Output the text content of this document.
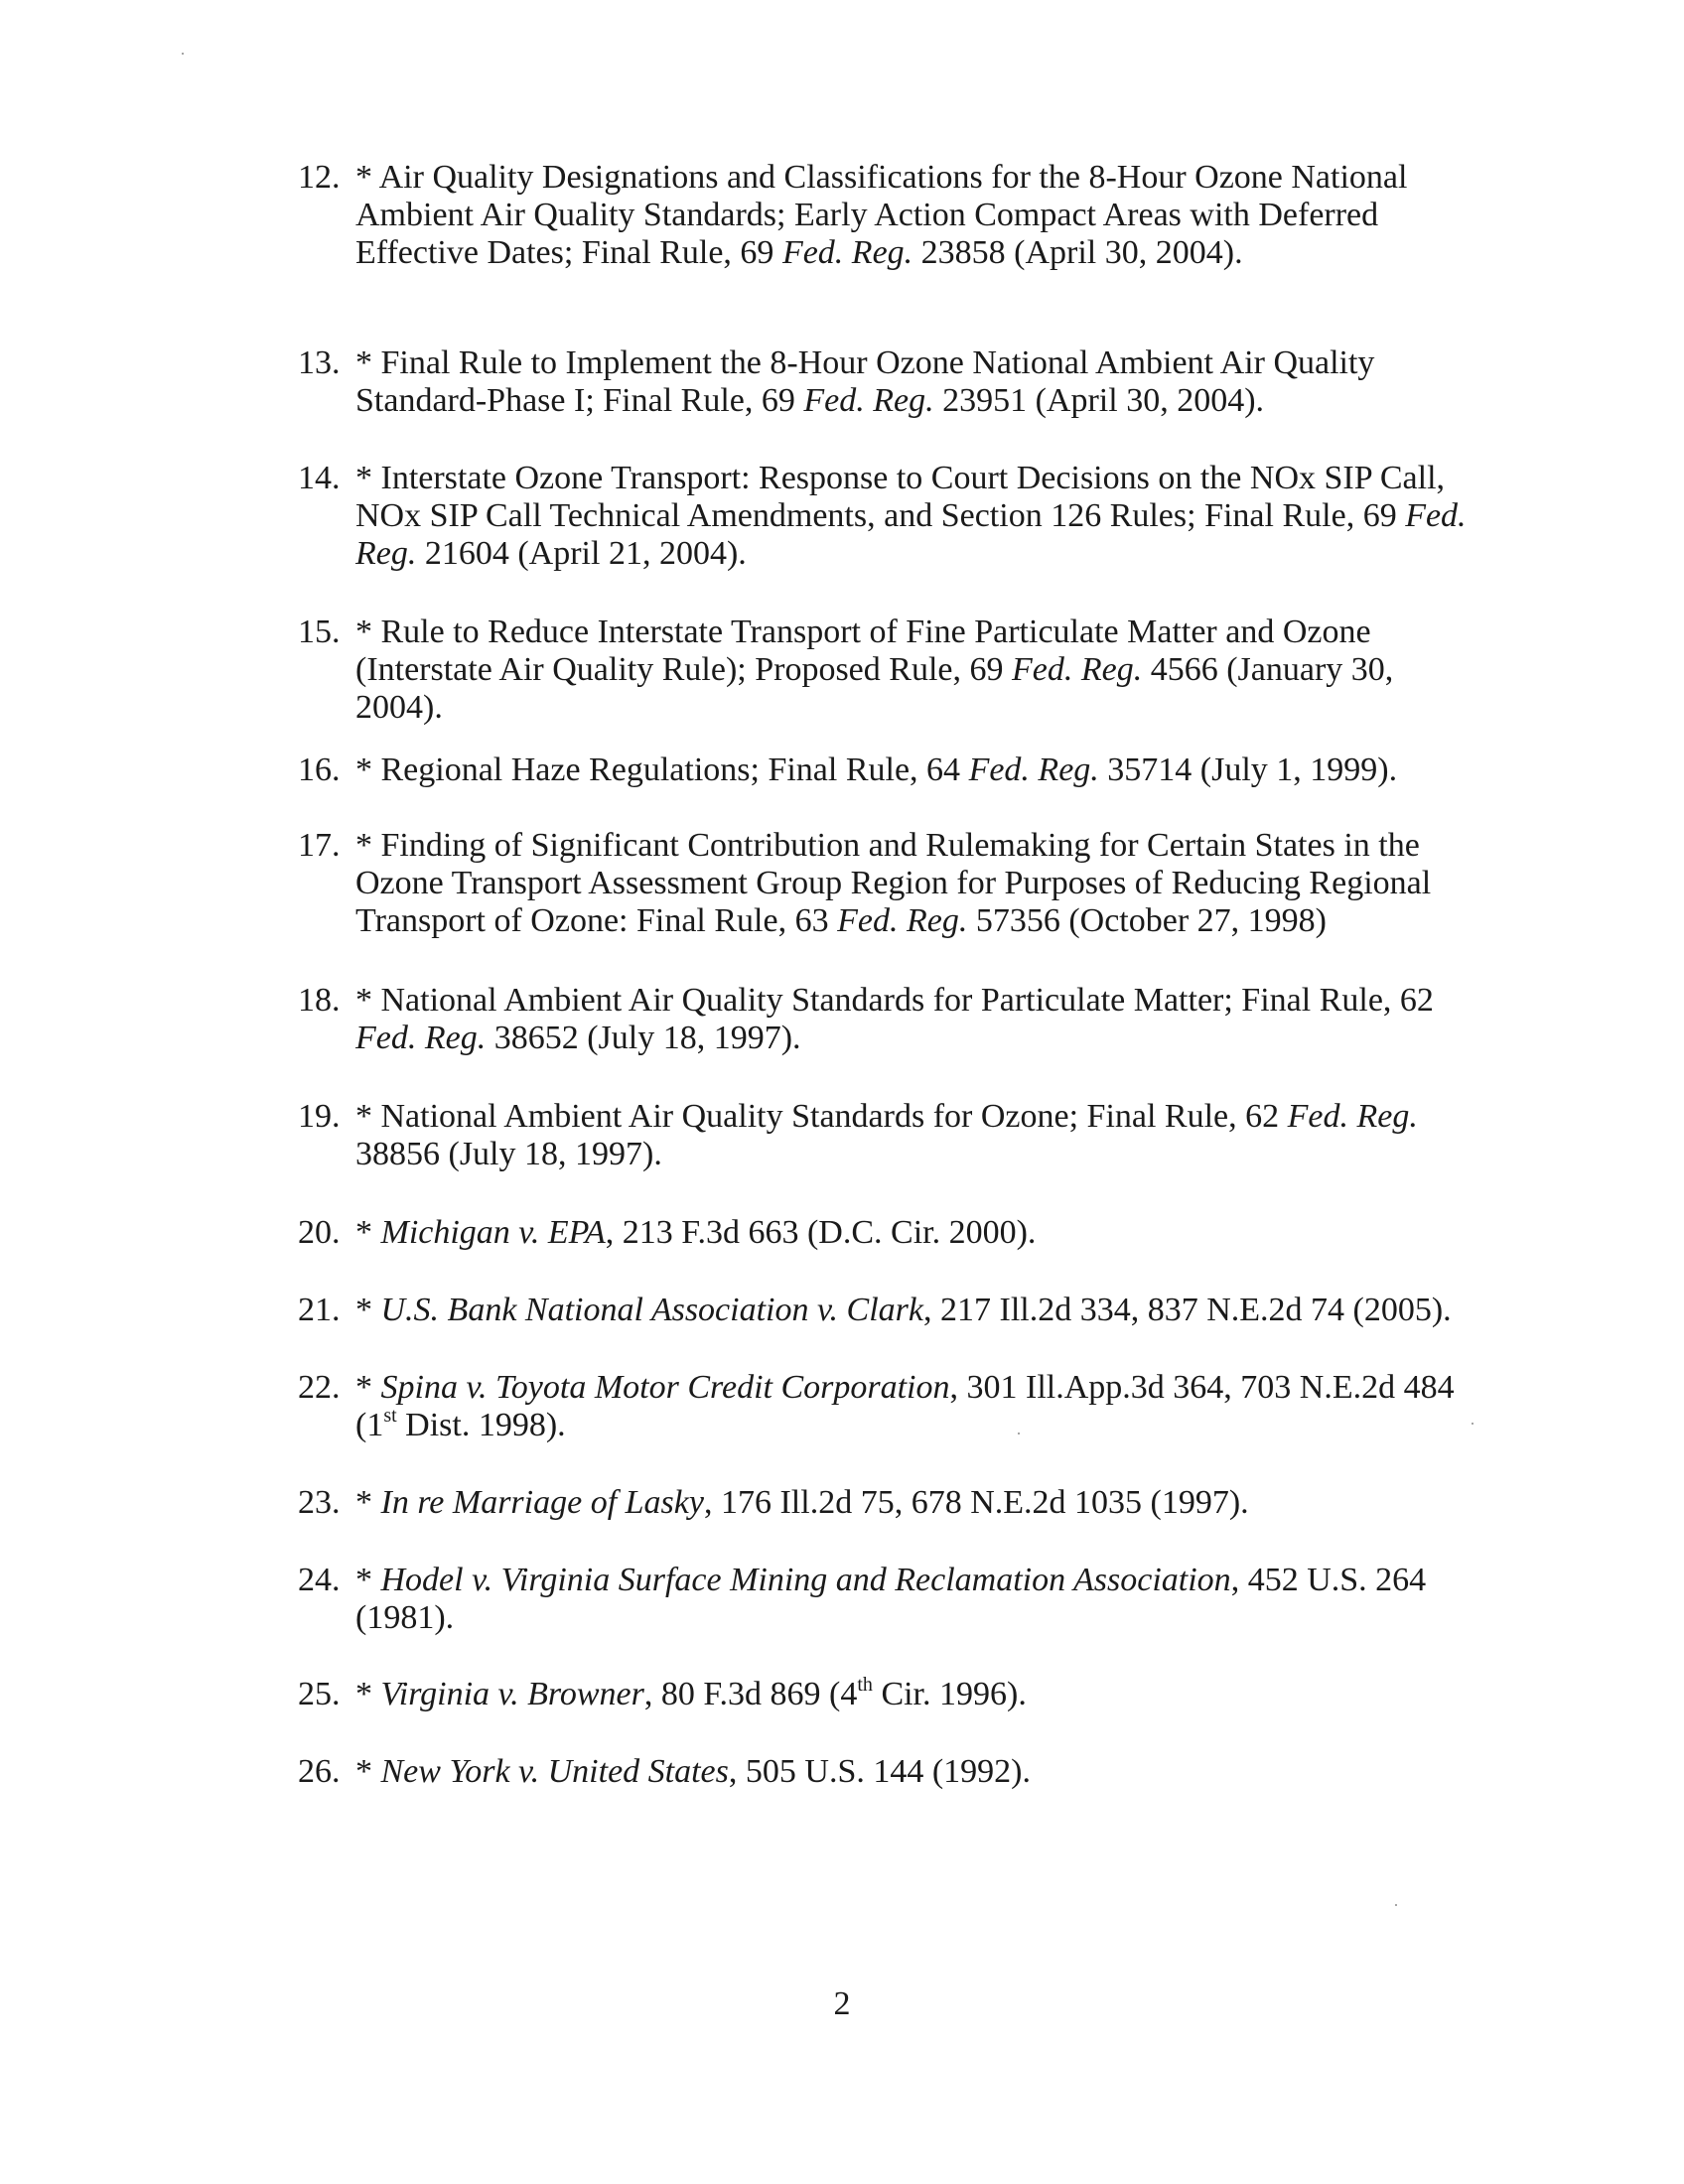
12. * Air Quality Designations and Classifications for the 8-Hour Ozone National Ambient Air Quality Standards; Early Action Compact Areas with Deferred Effective Dates; Final Rule, 69 Fed. Reg. 23858 (April 30, 2004).
13. * Final Rule to Implement the 8-Hour Ozone National Ambient Air Quality Standard-Phase I; Final Rule, 69 Fed. Reg. 23951 (April 30, 2004).
14. * Interstate Ozone Transport: Response to Court Decisions on the NOx SIP Call, NOx SIP Call Technical Amendments, and Section 126 Rules; Final Rule, 69 Fed. Reg. 21604 (April 21, 2004).
15. * Rule to Reduce Interstate Transport of Fine Particulate Matter and Ozone (Interstate Air Quality Rule); Proposed Rule, 69 Fed. Reg. 4566 (January 30, 2004).
16. * Regional Haze Regulations; Final Rule, 64 Fed. Reg. 35714 (July 1, 1999).
17. * Finding of Significant Contribution and Rulemaking for Certain States in the Ozone Transport Assessment Group Region for Purposes of Reducing Regional Transport of Ozone: Final Rule, 63 Fed. Reg. 57356 (October 27, 1998)
18. * National Ambient Air Quality Standards for Particulate Matter; Final Rule, 62 Fed. Reg. 38652 (July 18, 1997).
19. * National Ambient Air Quality Standards for Ozone; Final Rule, 62 Fed. Reg. 38856 (July 18, 1997).
20. * Michigan v. EPA, 213 F.3d 663 (D.C. Cir. 2000).
21. * U.S. Bank National Association v. Clark, 217 Ill.2d 334, 837 N.E.2d 74 (2005).
22. * Spina v. Toyota Motor Credit Corporation, 301 Ill.App.3d 364, 703 N.E.2d 484 (1st Dist. 1998).
23. * In re Marriage of Lasky, 176 Ill.2d 75, 678 N.E.2d 1035 (1997).
24. * Hodel v. Virginia Surface Mining and Reclamation Association, 452 U.S. 264 (1981).
25. * Virginia v. Browner, 80 F.3d 869 (4th Cir. 1996).
26. * New York v. United States, 505 U.S. 144 (1992).
2
